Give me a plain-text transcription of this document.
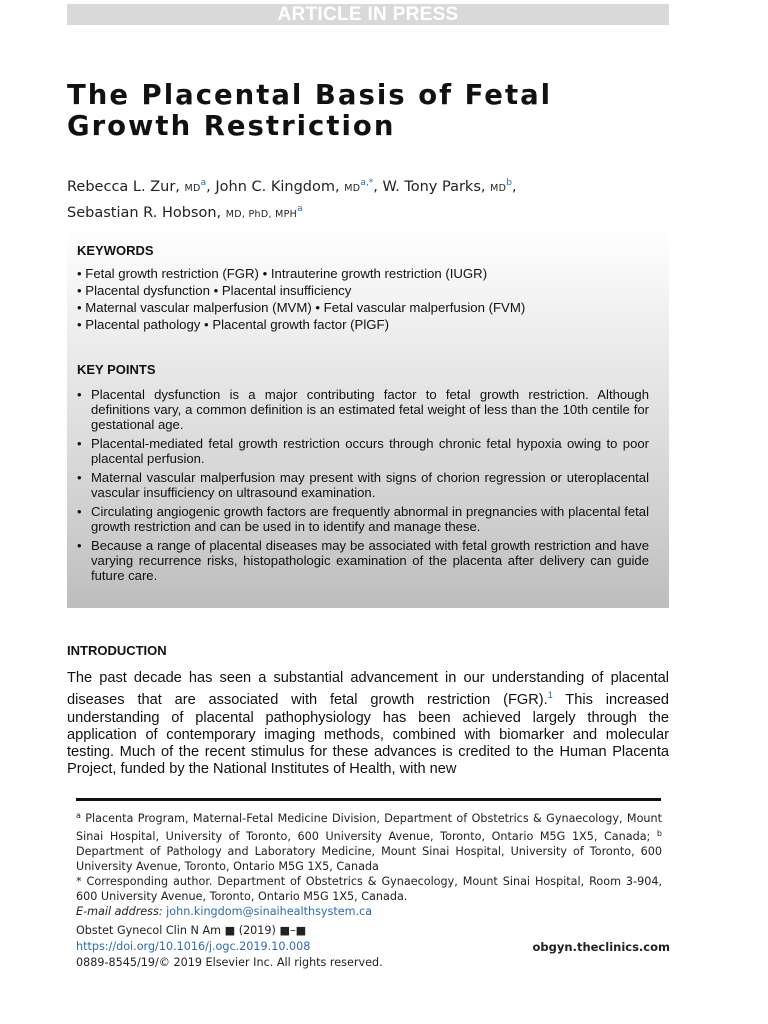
ARTICLE IN PRESS
The Placental Basis of Fetal
Growth Restriction
Rebecca L. Zur, $MD^a$, John C. Kingdom, $MD^{a,*}$, W. Tony Parks, $MD^b$,
Sebastian R. Hobson, MD, PhD, MPH$^a$
KEYWORDS
• Fetal growth restriction (FGR) • Intrauterine growth restriction (IUGR)
• Placental dysfunction • Placental insufficiency
• Maternal vascular malperfusion (MVM) • Fetal vascular malperfusion (FVM)
• Placental pathology • Placental growth factor (PlGF)
KEY POINTS
• Placental dysfunction is a major contributing factor to fetal growth restriction. Although definitions vary, a common definition is an estimated fetal weight of less than the 10th centile for gestational age.
• Placental-mediated fetal growth restriction occurs through chronic fetal hypoxia owing to poor placental perfusion.
• Maternal vascular malperfusion may present with signs of chorion regression or uteroplacental vascular insufficiency on ultrasound examination.
• Circulating angiogenic growth factors are frequently abnormal in pregnancies with placental fetal growth restriction and can be used in to identify and manage these.
• Because a range of placental diseases may be associated with fetal growth restriction and have varying recurrence risks, histopathologic examination of the placenta after delivery can guide future care.
INTRODUCTION

The past decade has seen a substantial advancement in our understanding of placental diseases that are associated with fetal growth restriction (FGR).$^1$ This increased understanding of placental pathophysiology has been achieved largely through the application of contemporary imaging methods, combined with biomarker and molecular testing. Much of the recent stimulus for these advances is credited to the Human Placenta Project, funded by the National Institutes of Health, with new

$^a$ Placenta Program, Maternal-Fetal Medicine Division, Department of Obstetrics & Gynaecology, Mount Sinai Hospital, University of Toronto, 600 University Avenue, Toronto, Ontario M5G 1X5, Canada; $^b$ Department of Pathology and Laboratory Medicine, Mount Sinai Hospital, University of Toronto, 600 University Avenue, Toronto, Ontario M5G 1X5, Canada

* Corresponding author. Department of Obstetrics & Gynaecology, Mount Sinai Hospital, Room 3-904, 600 University Avenue, Toronto, Ontario M5G 1X5, Canada.

E-mail address: john.kingdom@sinaihealthsystem.ca

Obstet Gynecol Clin N Am ■ (2019) ■–■
https://doi.org/10.1016/j.ogc.2019.10.008
0889-8545/19/© 2019 Elsevier Inc. All rights reserved.
obgyn.theclinics.com
